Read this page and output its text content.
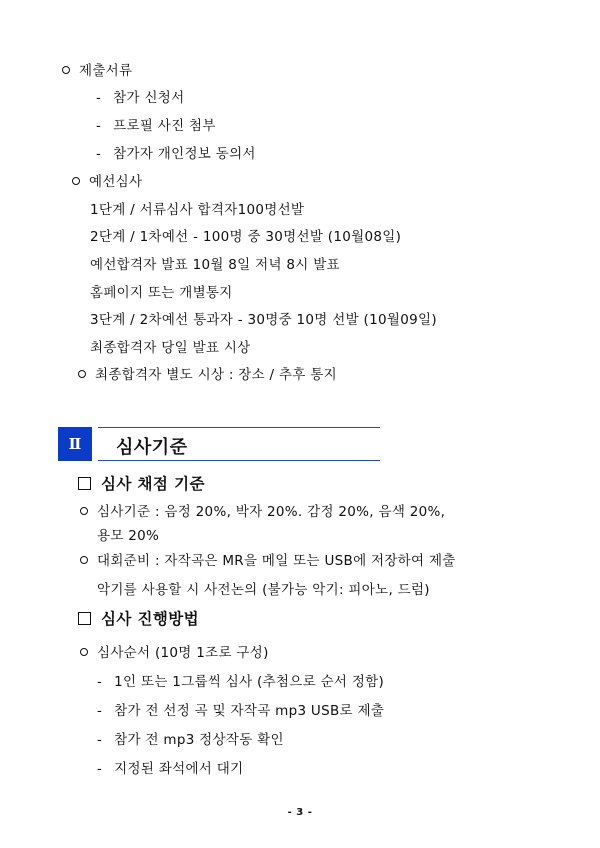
제출서류
- 참가 신청서
- 프로필 사진 첨부
- 참가자 개인정보 동의서
예선심사
1단계 / 서류심사 합격자100명선발
2단계 / 1차예선 - 100명 중 30명선발 (10월08일)
예선합격자 발표 10월 8일 저녁 8시 발표
홈페이지 또는 개별통지
3단계 / 2차예선 통과자 - 30명중 10명 선발 (10월09일)
최종합격자 당일 발표 시상
최종합격자 별도 시상 : 장소 / 추후 통지
Ⅱ	심사기준
심사 채점 기준
심사기준 : 음정 20%, 박자 20%. 감정 20%, 음색 20%,
용모 20%
대회준비 : 자작곡은 MR을 메일 또는 USB에 저장하여 제출
악기를 사용할 시 사전논의 (불가능 악기: 피아노, 드럼)
심사 진행방법
심사순서 (10명 1조로 구성)
- 1인 또는 1그룹씩 심사 (추첨으로 순서 정함)
- 참가 전 선정 곡 및 자작곡 mp3 USB로 제출
- 참가 전 mp3 정상작동 확인
- 지정된 좌석에서 대기
- 3 -
